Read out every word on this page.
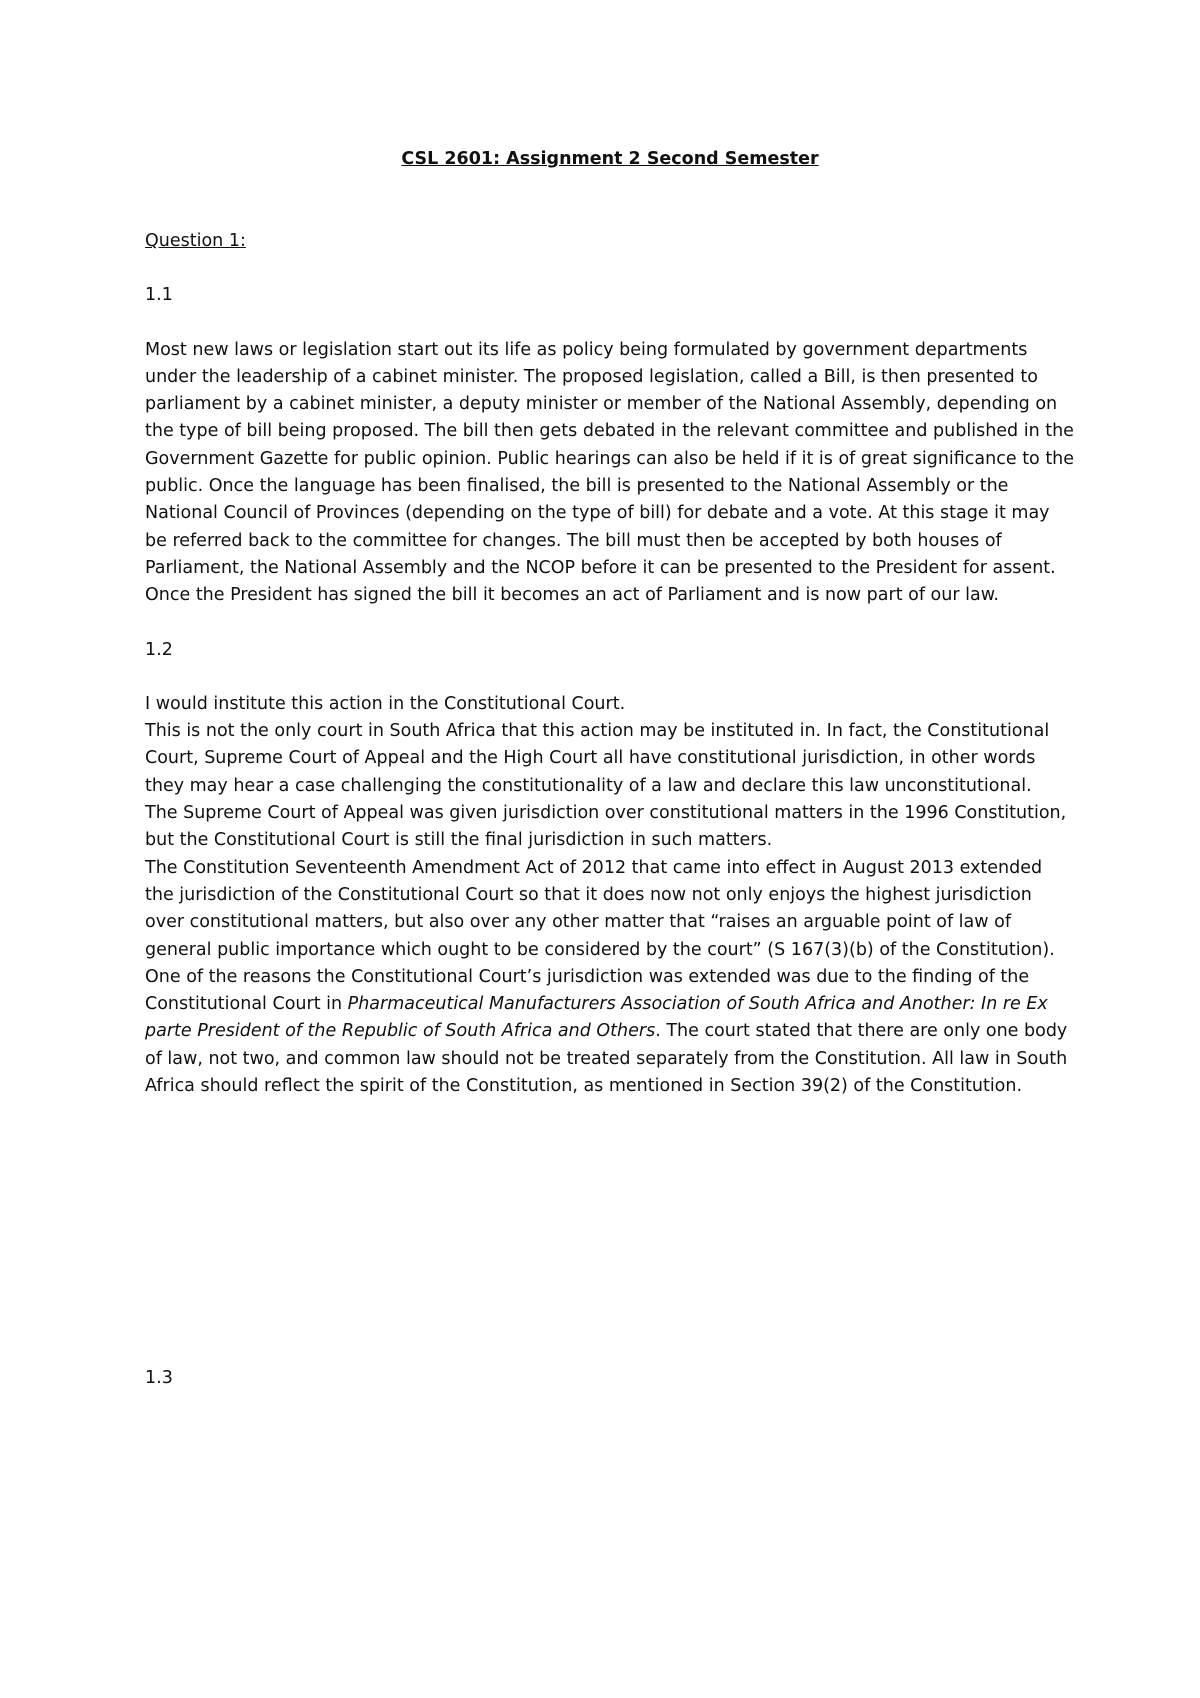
CSL 2601: Assignment 2 Second Semester

Question 1:

1.1

Most new laws or legislation start out its life as policy being formulated by government departments under the leadership of a cabinet minister. The proposed legislation, called a Bill, is then presented to parliament by a cabinet minister, a deputy minister or member of the National Assembly, depending on the type of bill being proposed. The bill then gets debated in the relevant committee and published in the Government Gazette for public opinion. Public hearings can also be held if it is of great significance to the public. Once the language has been finalised, the bill is presented to the National Assembly or the National Council of Provinces (depending on the type of bill) for debate and a vote. At this stage it may be referred back to the committee for changes. The bill must then be accepted by both houses of Parliament, the National Assembly and the NCOP before it can be presented to the President for assent. Once the President has signed the bill it becomes an act of Parliament and is now part of our law.

1.2

I would institute this action in the Constitutional Court.

This is not the only court in South Africa that this action may be instituted in. In fact, the Constitutional Court, Supreme Court of Appeal and the High Court all have constitutional jurisdiction, in other words they may hear a case challenging the constitutionality of a law and declare this law unconstitutional.

The Supreme Court of Appeal was given jurisdiction over constitutional matters in the 1996 Constitution, but the Constitutional Court is still the final jurisdiction in such matters.

The Constitution Seventeenth Amendment Act of 2012 that came into effect in August 2013 extended the jurisdiction of the Constitutional Court so that it does now not only enjoys the highest jurisdiction over constitutional matters, but also over any other matter that “raises an arguable point of law of general public importance which ought to be considered by the court” (S 167(3)(b) of the Constitution).

One of the reasons the Constitutional Court’s jurisdiction was extended was due to the finding of the Constitutional Court in Pharmaceutical Manufacturers Association of South Africa and Another: In re Ex parte President of the Republic of South Africa and Others. The court stated that there are only one body of law, not two, and common law should not be treated separately from the Constitution. All law in South Africa should reflect the spirit of the Constitution, as mentioned in Section 39(2) of the Constitution.

1.3
